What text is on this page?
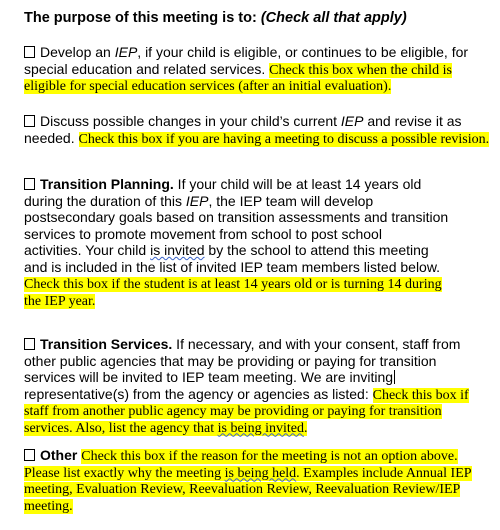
The purpose of this meeting is to: (Check all that apply)
Develop an IEP, if your child is eligible, or continues to be eligible, for
special education and related services. Check this box when the child is
eligible for special education services (after an initial evaluation).
Discuss possible changes in your child’s current IEP and revise it as
needed. Check this box if you are having a meeting to discuss a possible revision.
Transition Planning. If your child will be at least 14 years old
during the duration of this IEP, the IEP team will develop
postsecondary goals based on transition assessments and transition
services to promote movement from school to post school
activities. Your child is invited by the school to attend this meeting
and is included in the list of invited IEP team members listed below.
Check this box if the student is at least 14 years old or is turning 14 during
the IEP year.
Transition Services. If necessary, and with your consent, staff from
other public agencies that may be providing or paying for transition
services will be invited to IEP team meeting. We are inviting
representative(s) from the agency or agencies as listed: Check this box if
staff from another public agency may be providing or paying for transition
services. Also, list the agency that is being invited.
Other Check this box if the reason for the meeting is not an option above.
Please list exactly why the meeting is being held. Examples include Annual IEP
meeting, Evaluation Review, Reevaluation Review, Reevaluation Review/IEP
meeting.
